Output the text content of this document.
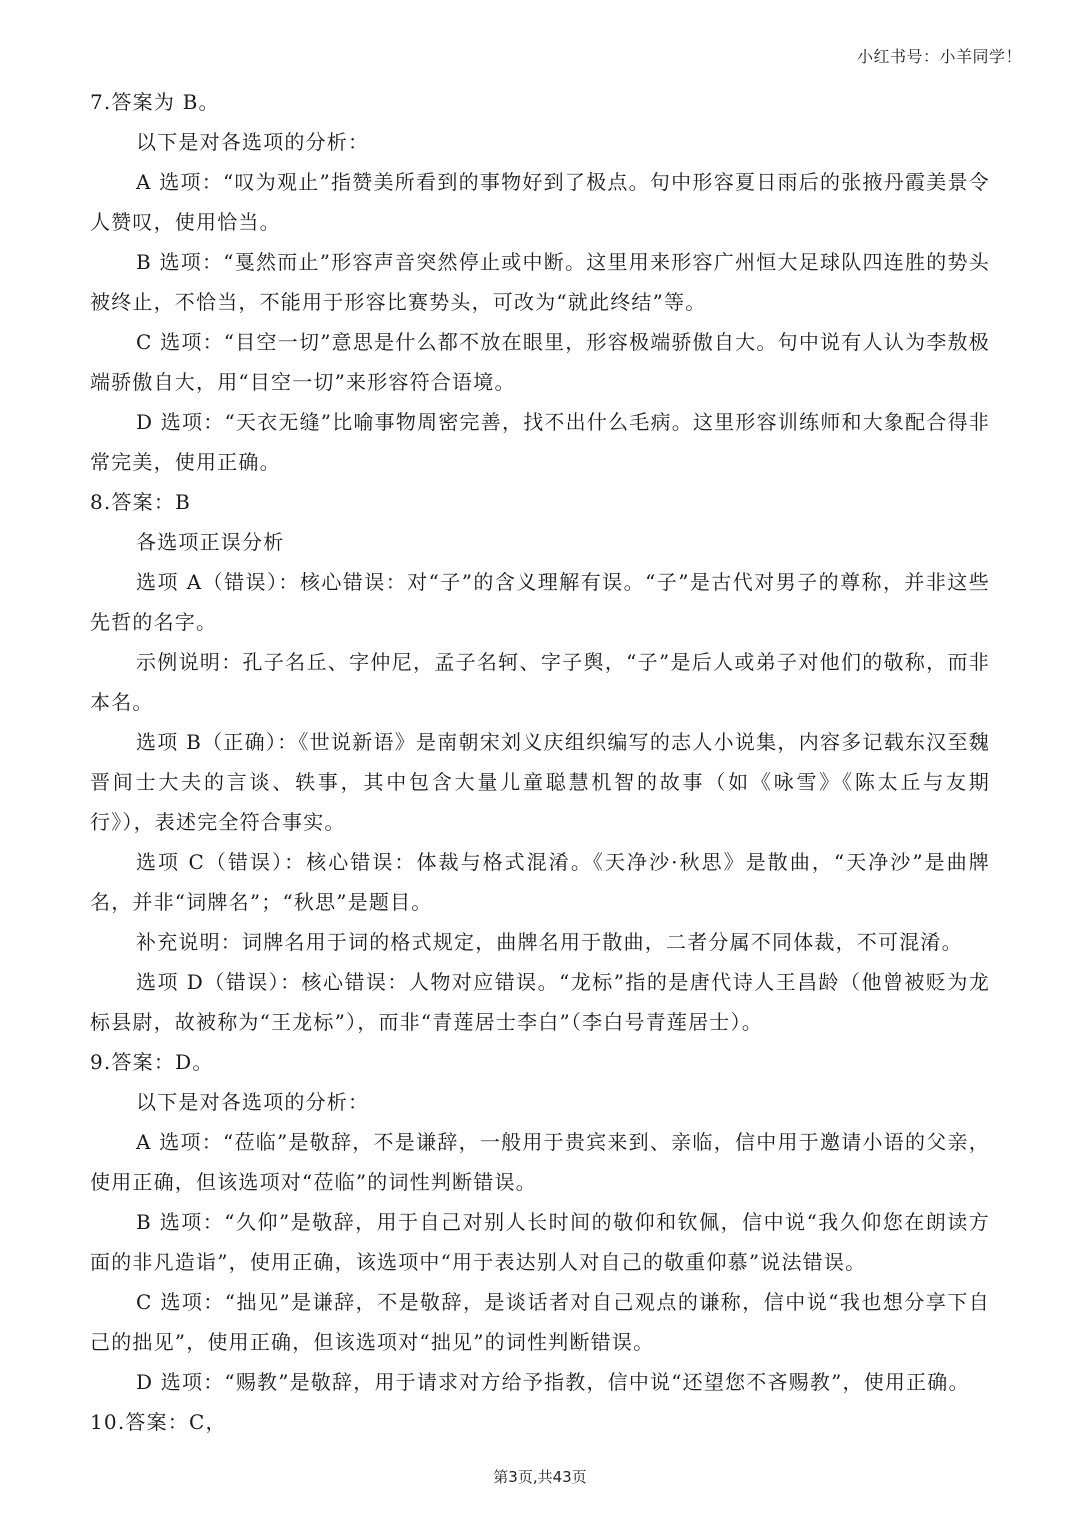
小红书号：小羊同学！

7.答案为 B。

以下是对各选项的分析：

A 选项：“叹为观止”指赞美所看到的事物好到了极点。句中形容夏日雨后的张掖丹霞美景令人赞叹，使用恰当。

B 选项：“戛然而止”形容声音突然停止或中断。这里用来形容广州恒大足球队四连胜的势头被终止，不恰当，不能用于形容比赛势头，可改为“就此终结”等。

C 选项：“目空一切”意思是什么都不放在眼里，形容极端骄傲自大。句中说有人认为李敖极端骄傲自大，用“目空一切”来形容符合语境。

D 选项：“天衣无缝”比喻事物周密完善，找不出什么毛病。这里形容训练师和大象配合得非常完美，使用正确。

8.答案：B

各选项正误分析

选项 A（错误）：核心错误：对“子”的含义理解有误。“子”是古代对男子的尊称，并非这些先哲的名字。

示例说明：孔子名丘、字仲尼，孟子名轲、字子舆，“子”是后人或弟子对他们的敬称，而非本名。

选项 B（正确）：《世说新语》是南朝宋刘义庆组织编写的志人小说集，内容多记载东汉至魏晋间士大夫的言谈、轶事，其中包含大量儿童聪慧机智的故事（如《咏雪》《陈太丘与友期行》），表述完全符合事实。

选项 C（错误）：核心错误：体裁与格式混淆。《天净沙·秋思》是散曲，“天净沙”是曲牌名，并非“词牌名”；“秋思”是题目。

补充说明：词牌名用于词的格式规定，曲牌名用于散曲，二者分属不同体裁，不可混淆。

选项 D（错误）：核心错误：人物对应错误。“龙标”指的是唐代诗人王昌龄（他曾被贬为龙标县尉，故被称为“王龙标”），而非“青莲居士李白”（李白号青莲居士）。

9.答案：D。

以下是对各选项的分析：

A 选项：“莅临”是敬辞，不是谦辞，一般用于贵宾来到、亲临，信中用于邀请小语的父亲，使用正确，但该选项对“莅临”的词性判断错误。

B 选项：“久仰”是敬辞，用于自己对别人长时间的敬仰和钦佩，信中说“我久仰您在朗读方面的非凡造诣”，使用正确，该选项中“用于表达别人对自己的敬重仰慕”说法错误。

C 选项：“拙见”是谦辞，不是敬辞，是谈话者对自己观点的谦称，信中说“我也想分享下自己的拙见”，使用正确，但该选项对“拙见”的词性判断错误。

D 选项：“赐教”是敬辞，用于请求对方给予指教，信中说“还望您不吝赐教”，使用正确。

10.答案：C，

第3页,共43页
